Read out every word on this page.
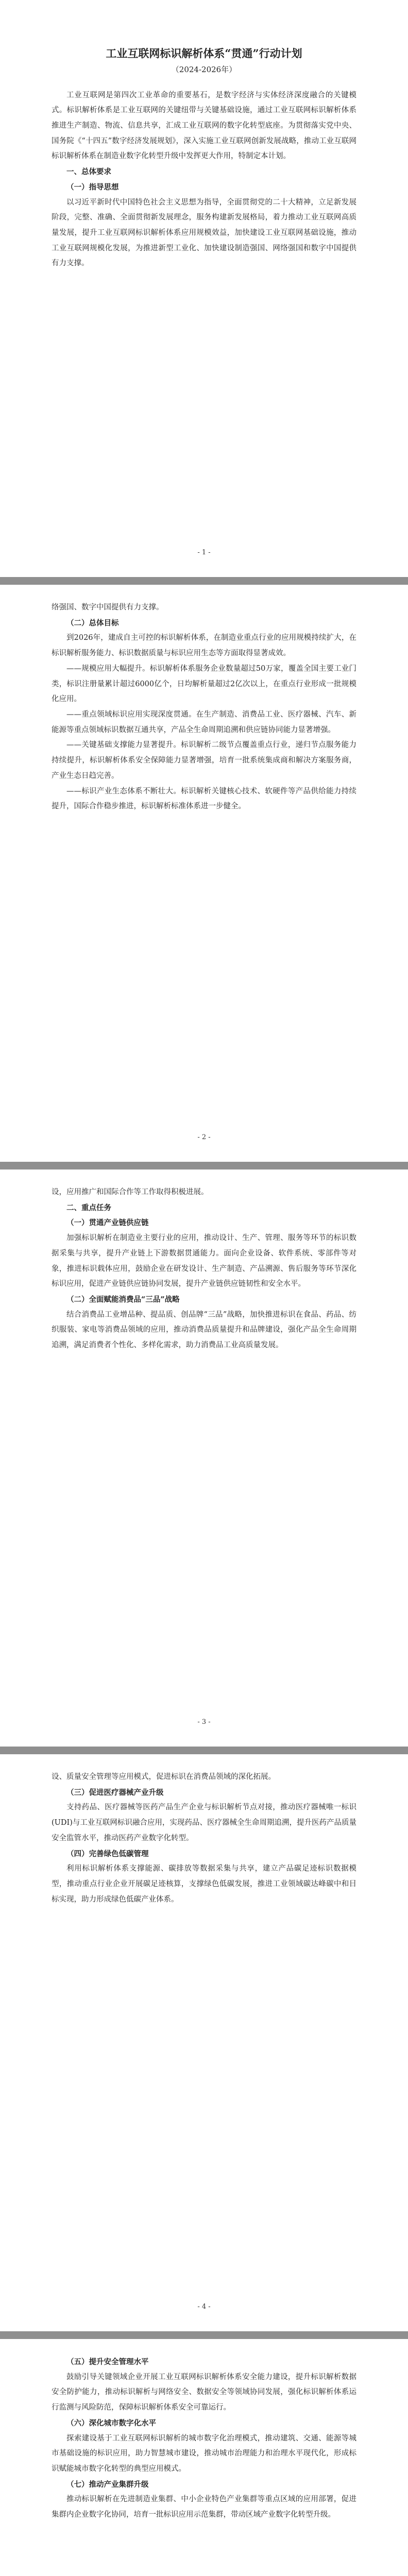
工业互联网标识解析体系“贯通”行动计划
（2024-2026年）

工业互联网是第四次工业革命的重要基石，是数字经济与实体经济深度融合的关键模式。标识解析体系是工业互联网的关键纽带与关键基础设施，通过工业互联网标识解析体系推进生产制造、物流、信息共享，汇成工业互联网的数字化转型底座。为贯彻落实党中央、国务院《“十四五”数字经济发展规划》，深入实施工业互联网创新发展战略，推动工业互联网标识解析体系在制造业数字化转型升级中发挥更大作用，特制定本计划。

一、总体要求
（一）指导思想

以习近平新时代中国特色社会主义思想为指导，全面贯彻党的二十大精神，立足新发展阶段，完整、准确、全面贯彻新发展理念，服务构建新发展格局，着力推动工业互联网高质量发展，提升工业互联网标识解析体系应用规模效益，加快建设工业互联网基础设施，推动工业互联网规模化发展，为推进新型工业化、加快建设制造强国、网络强国和数字中国提供有力支撑。

- 1 -

络强国、数字中国提供有力支撑。

（二）总体目标

到2026年，建成自主可控的标识解析体系，在制造业重点行业的应用规模持续扩大，在标识解析服务能力、标识数据质量与标识应用生态等方面取得显著成效。

——规模应用大幅提升。标识解析体系服务企业数量超过50万家，覆盖全国主要工业门类，标识注册量累计超过6000亿个，日均解析量超过2亿次以上，在重点行业形成一批规模化应用。

——重点领域标识应用实现深度贯通。在生产制造、消费品工业、医疗器械、汽车、新能源等重点领域标识数据互通共享，产品全生命周期追溯和供应链协同能力显著增强。

——关键基础支撑能力显著提升。标识解析二级节点覆盖重点行业，递归节点服务能力持续提升，标识解析体系安全保障能力显著增强，培育一批系统集成商和解决方案服务商，产业生态日趋完善。

——标识产业生态体系不断壮大。标识解析关键核心技术、软硬件等产品供给能力持续提升，国际合作稳步推进，标识解析标准体系进一步健全。

- 2 -

设，应用推广和国际合作等工作取得积极进展。

二、重点任务
（一）贯通产业链供应链

加强标识解析在制造业主要行业的应用，推动设计、生产、管理、服务等环节的标识数据采集与共享，提升产业链上下游数据贯通能力。面向企业设备、软件系统、零部件等对象，推进标识载体应用，鼓励企业在研发设计、生产制造、产品溯源、售后服务等环节深化标识应用，促进产业链供应链协同发展，提升产业链供应链韧性和安全水平。

（二）全面赋能消费品“三品”战略

结合消费品工业增品种、提品质、创品牌“三品”战略，加快推进标识在食品、药品、纺织服装、家电等消费品领域的应用，推动消费品质量提升和品牌建设，强化产品全生命周期追溯，满足消费者个性化、多样化需求，助力消费品工业高质量发展。

- 3 -

设、质量安全管理等应用模式，促进标识在消费品领域的深化拓展。

（三）促进医疗器械产业升级

支持药品、医疗器械等医药产品生产企业与标识解析节点对接，推动医疗器械唯一标识(UDI)与工业互联网标识融合应用，实现药品、医疗器械全生命周期追溯，提升医药产品质量安全监管水平，推动医药产业数字化转型。

（四）完善绿色低碳管理

利用标识解析体系支撑能源、碳排放等数据采集与共享，建立产品碳足迹标识数据模型，推动重点行业企业开展碳足迹核算，支撑绿色低碳发展，推进工业领域碳达峰碳中和目标实现，助力形成绿色低碳产业体系。

- 4 -
（五）提升安全管理水平

鼓励引导关键领域企业开展工业互联网标识解析体系安全能力建设，提升标识解析数据安全防护能力，推动标识解析与网络安全、数据安全等领域协同发展，强化标识解析体系运行监测与风险防范，保障标识解析体系安全可靠运行。

（六）深化城市数字化水平

探索建设基于工业互联网标识解析的城市数字化治理模式，推动建筑、交通、能源等城市基础设施的标识应用，助力智慧城市建设，推动城市治理能力和治理水平现代化，形成标识赋能城市数字化转型的典型应用模式。

（七）推动产业集群升级

推动标识解析在先进制造业集群、中小企业特色产业集群等重点区域的应用部署，促进集群内企业数字化协同，培育一批标识应用示范集群，带动区域产业数字化转型升级。
